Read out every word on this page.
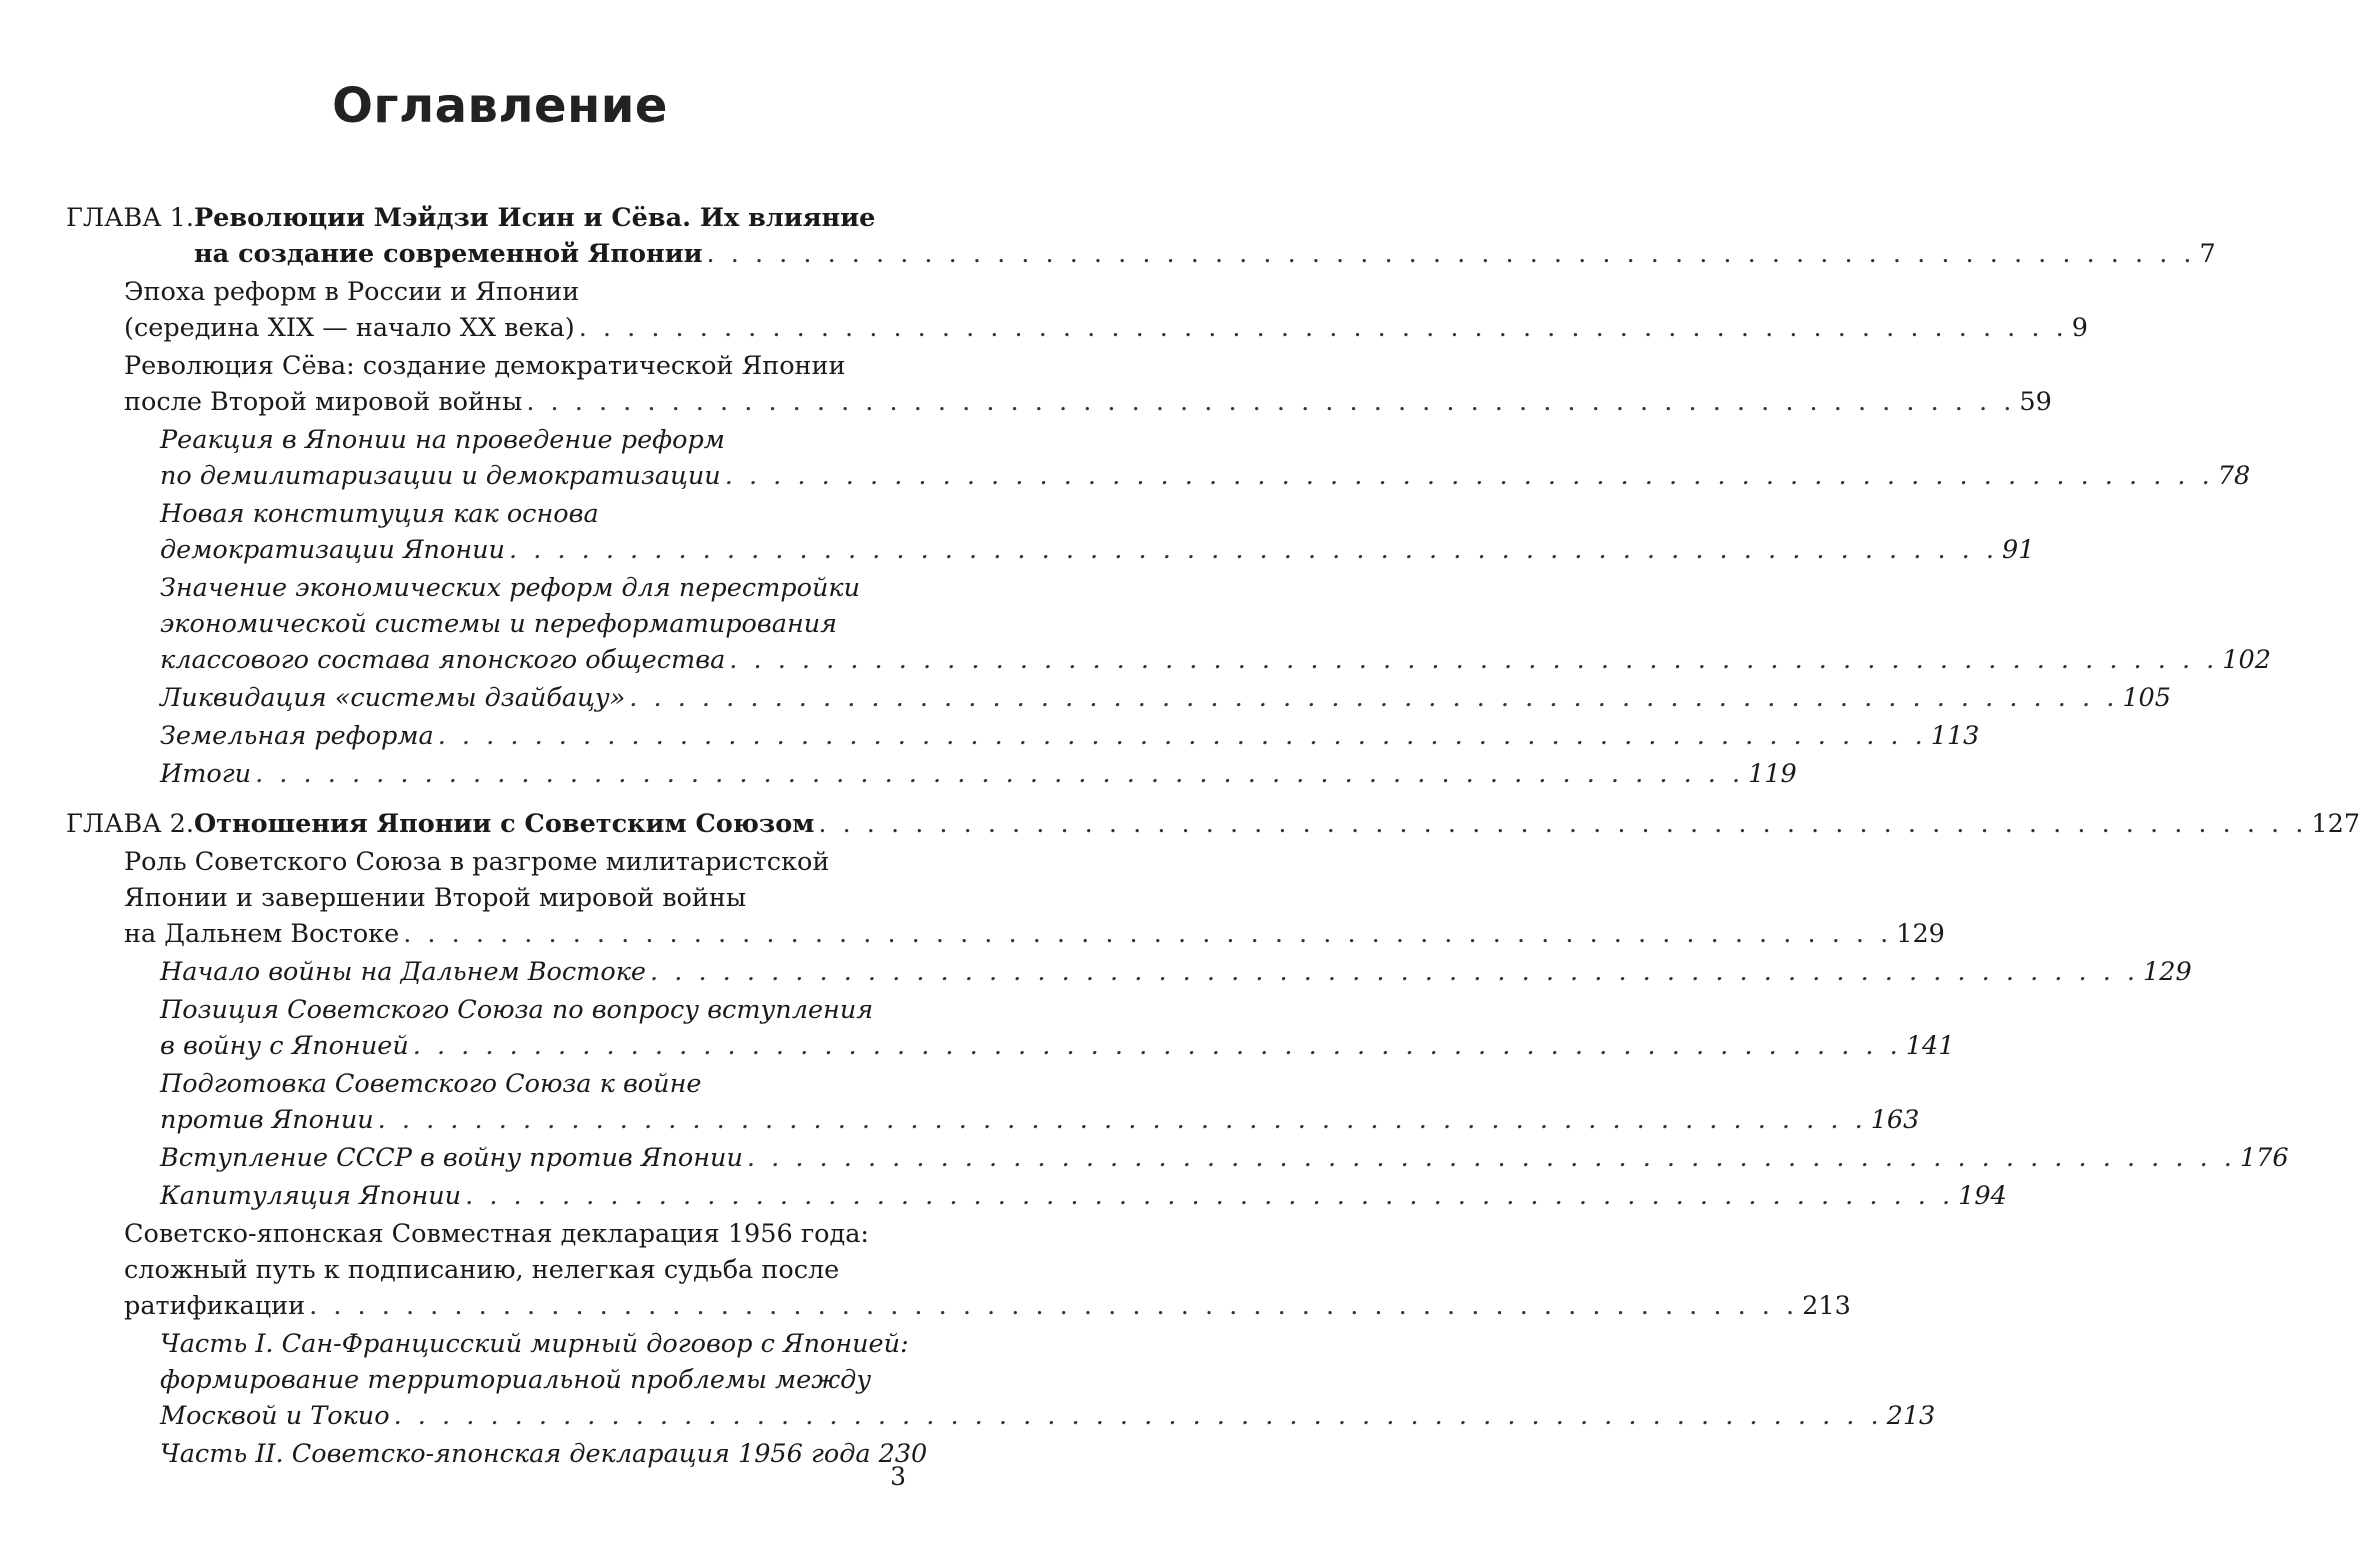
Оглавление
ГЛАВА 1.Революции Мэйдзи Исин и Сёва. Их влияние
на создание современной Японии . . . . . . . . . . . . . . . . . . . . . . . . . . . . . . . . . . . . . . . . . . . . . . . . . . . . . . . . . . . . . . 7
Эпоха реформ в России и Японии
(середина XIX — начало XX века) . . . . . . . . . . . . . . . . . . . . . . . . . . . . . . . . . . . . . . . . . . . . . . . . . . . . . . . . . . . . . . 9
Революция Сёва: создание демократической Японии
после Второй мировой войны . . . . . . . . . . . . . . . . . . . . . . . . . . . . . . . . . . . . . . . . . . . . . . . . . . . . . . . . . . . . . . 59
Реакция в Японии на проведение реформ
по демилитаризации и демократизации . . . . . . . . . . . . . . . . . . . . . . . . . . . . . . . . . . . . . . . . . . . . . . . . . . . . . . . . . . . . . . 78
Новая конституция как основа
демократизации Японии . . . . . . . . . . . . . . . . . . . . . . . . . . . . . . . . . . . . . . . . . . . . . . . . . . . . . . . . . . . . . . 91
Значение экономических реформ для перестройки
экономической системы и переформатирования
классового состава японского общества . . . . . . . . . . . . . . . . . . . . . . . . . . . . . . . . . . . . . . . . . . . . . . . . . . . . . . . . . . . . . . 102
Ликвидация «системы дзайбацу» . . . . . . . . . . . . . . . . . . . . . . . . . . . . . . . . . . . . . . . . . . . . . . . . . . . . . . . . . . . . . . 105
Земельная реформа . . . . . . . . . . . . . . . . . . . . . . . . . . . . . . . . . . . . . . . . . . . . . . . . . . . . . . . . . . . . . . 113
Итоги . . . . . . . . . . . . . . . . . . . . . . . . . . . . . . . . . . . . . . . . . . . . . . . . . . . . . . . . . . . . . . 119
ГЛАВА 2.Отношения Японии с Советским Союзом . . . . . . . . . . . . . . . . . . . . . . . . . . . . . . . . . . . . . . . . . . . . . . . . . . . . . . . . . . . . . . 127
Роль Советского Союза в разгроме милитаристской
Японии и завершении Второй мировой войны
на Дальнем Востоке . . . . . . . . . . . . . . . . . . . . . . . . . . . . . . . . . . . . . . . . . . . . . . . . . . . . . . . . . . . . . . 129
Начало войны на Дальнем Востоке . . . . . . . . . . . . . . . . . . . . . . . . . . . . . . . . . . . . . . . . . . . . . . . . . . . . . . . . . . . . . . 129
Позиция Советского Союза по вопросу вступления
в войну с Японией . . . . . . . . . . . . . . . . . . . . . . . . . . . . . . . . . . . . . . . . . . . . . . . . . . . . . . . . . . . . . . 141
Подготовка Советского Союза к войне
против Японии . . . . . . . . . . . . . . . . . . . . . . . . . . . . . . . . . . . . . . . . . . . . . . . . . . . . . . . . . . . . . . 163
Вступление СССР в войну против Японии . . . . . . . . . . . . . . . . . . . . . . . . . . . . . . . . . . . . . . . . . . . . . . . . . . . . . . . . . . . . . . 176
Капитуляция Японии . . . . . . . . . . . . . . . . . . . . . . . . . . . . . . . . . . . . . . . . . . . . . . . . . . . . . . . . . . . . . . 194
Советско-японская Совместная декларация 1956 года:
сложный путь к подписанию, нелегкая судьба после
ратификации . . . . . . . . . . . . . . . . . . . . . . . . . . . . . . . . . . . . . . . . . . . . . . . . . . . . . . . . . . . . . . 213
Часть I. Сан-Францисский мирный договор с Японией:
формирование территориальной проблемы между
Москвой и Токио . . . . . . . . . . . . . . . . . . . . . . . . . . . . . . . . . . . . . . . . . . . . . . . . . . . . . . . . . . . . . . 213
Часть II. Советско-японская декларация 1956 года 230
3
